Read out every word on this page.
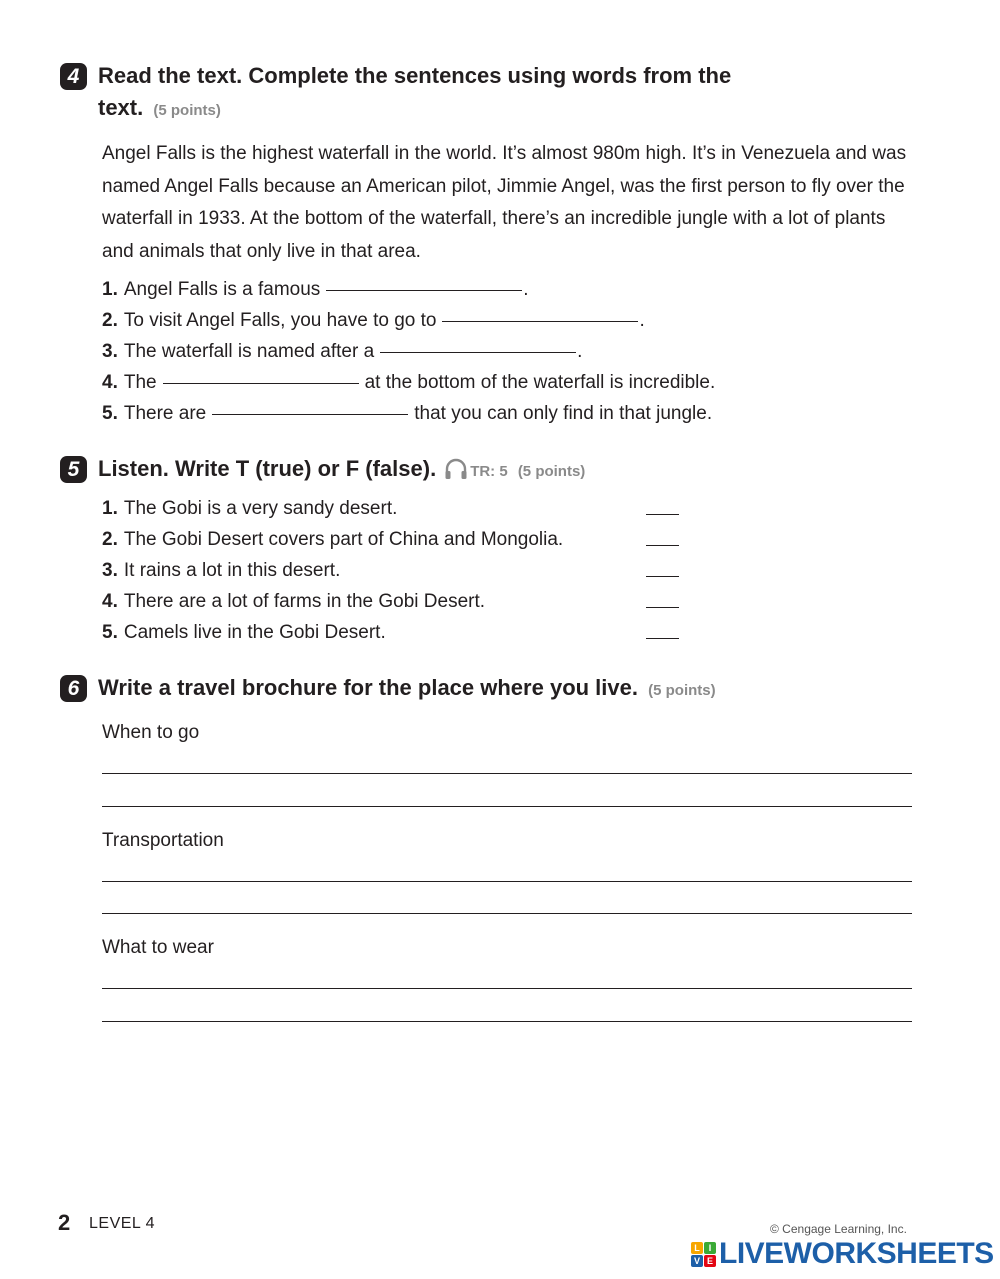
4 Read the text. Complete the sentences using words from the
text. (5 points)
Angel Falls is the highest waterfall in the world. It’s almost 980m high. It’s in Venezuela and was named Angel Falls because an American pilot, Jimmie Angel, was the first person to fly over the waterfall in 1933. At the bottom of the waterfall, there’s an incredible jungle with a lot of plants and animals that only live in that area.
1. Angel Falls is a famous	.
2. To visit Angel Falls, you have to go to	.
3. The waterfall is named after a	.
4. The	at the bottom of the waterfall is incredible.
5. There are	that you can only find in that jungle.
5 Listen. Write T (true) or F (false). TR: 5 (5 points)
1. The Gobi is a very sandy desert.
2. The Gobi Desert covers part of China and Mongolia.
3. It rains a lot in this desert.
4. There are a lot of farms in the Gobi Desert.
5. Camels live in the Gobi Desert.
6 Write a travel brochure for the place where you live. (5 points)
When to go
Transportation
What to wear
2 LEVEL 4	© Cengage Learning, Inc.
L I
V E LIVEWORKSHEETS
